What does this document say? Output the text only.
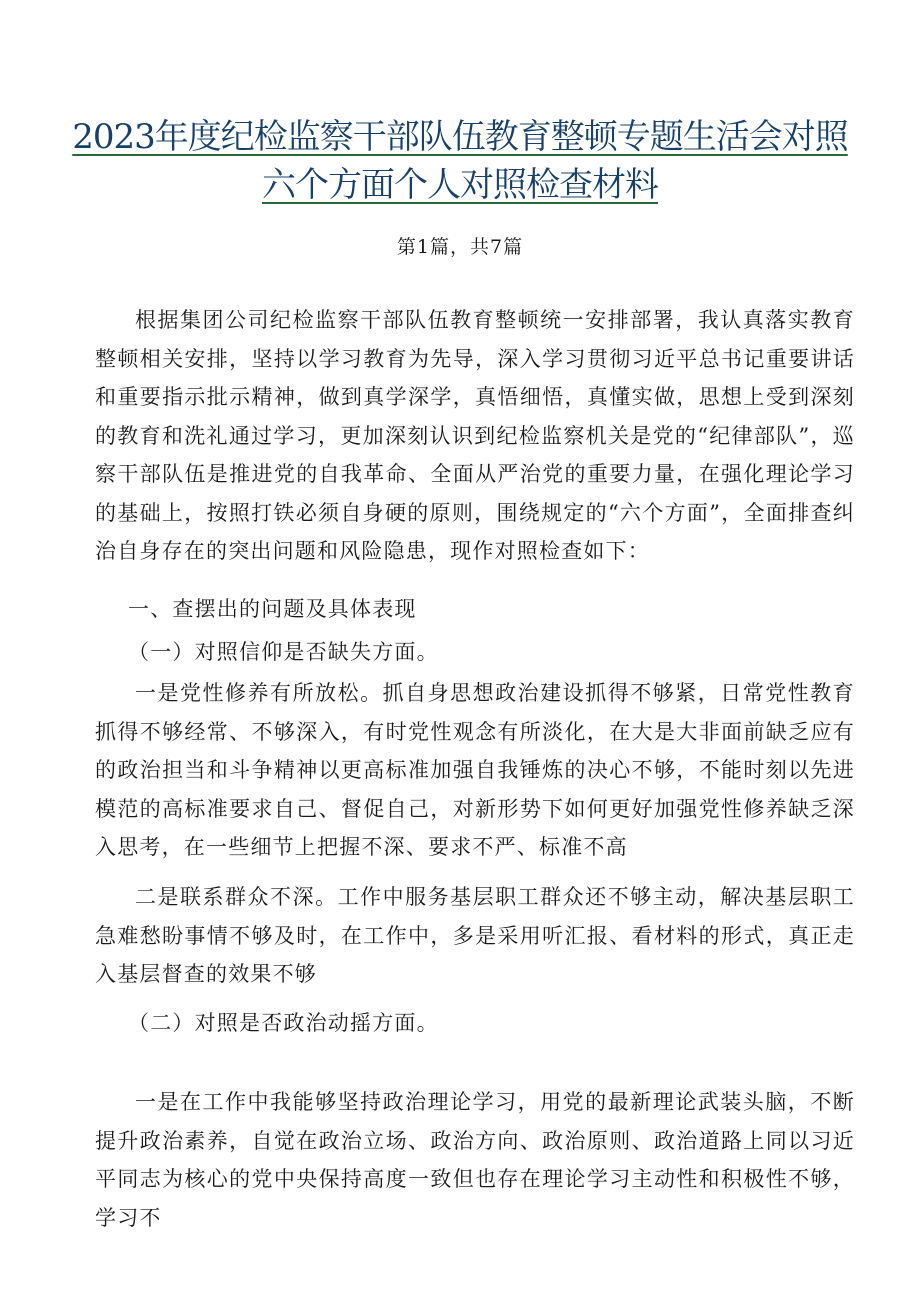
2023年度纪检监察干部队伍教育整顿专题生活会对照
六个方面个人对照检查材料
第1篇，共7篇

根据集团公司纪检监察干部队伍教育整顿统一安排部署，我认真落实教育整顿相关安排，坚持以学习教育为先导，深入学习贯彻习近平总书记重要讲话和重要指示批示精神，做到真学深学，真悟细悟，真懂实做，思想上受到深刻的教育和洗礼通过学习，更加深刻认识到纪检监察机关是党的“纪律部队”，巡察干部队伍是推进党的自我革命、全面从严治党的重要力量，在强化理论学习的基础上，按照打铁必须自身硬的原则，围绕规定的“六个方面”，全面排查纠治自身存在的突出问题和风险隐患，现作对照检查如下：

一、查摆出的问题及具体表现

（一）对照信仰是否缺失方面。

一是党性修养有所放松。抓自身思想政治建设抓得不够紧，日常党性教育抓得不够经常、不够深入，有时党性观念有所淡化，在大是大非面前缺乏应有的政治担当和斗争精神以更高标准加强自我锤炼的决心不够，不能时刻以先进模范的高标准要求自己、督促自己，对新形势下如何更好加强党性修养缺乏深入思考，在一些细节上把握不深、要求不严、标准不高

二是联系群众不深。工作中服务基层职工群众还不够主动，解决基层职工急难愁盼事情不够及时，在工作中，多是采用听汇报、看材料的形式，真正走入基层督查的效果不够

（二）对照是否政治动摇方面。

一是在工作中我能够坚持政治理论学习，用党的最新理论武装头脑，不断提升政治素养，自觉在政治立场、政治方向、政治原则、政治道路上同以习近平同志为核心的党中央保持高度一致但也存在理论学习主动性和积极性不够，学习不
